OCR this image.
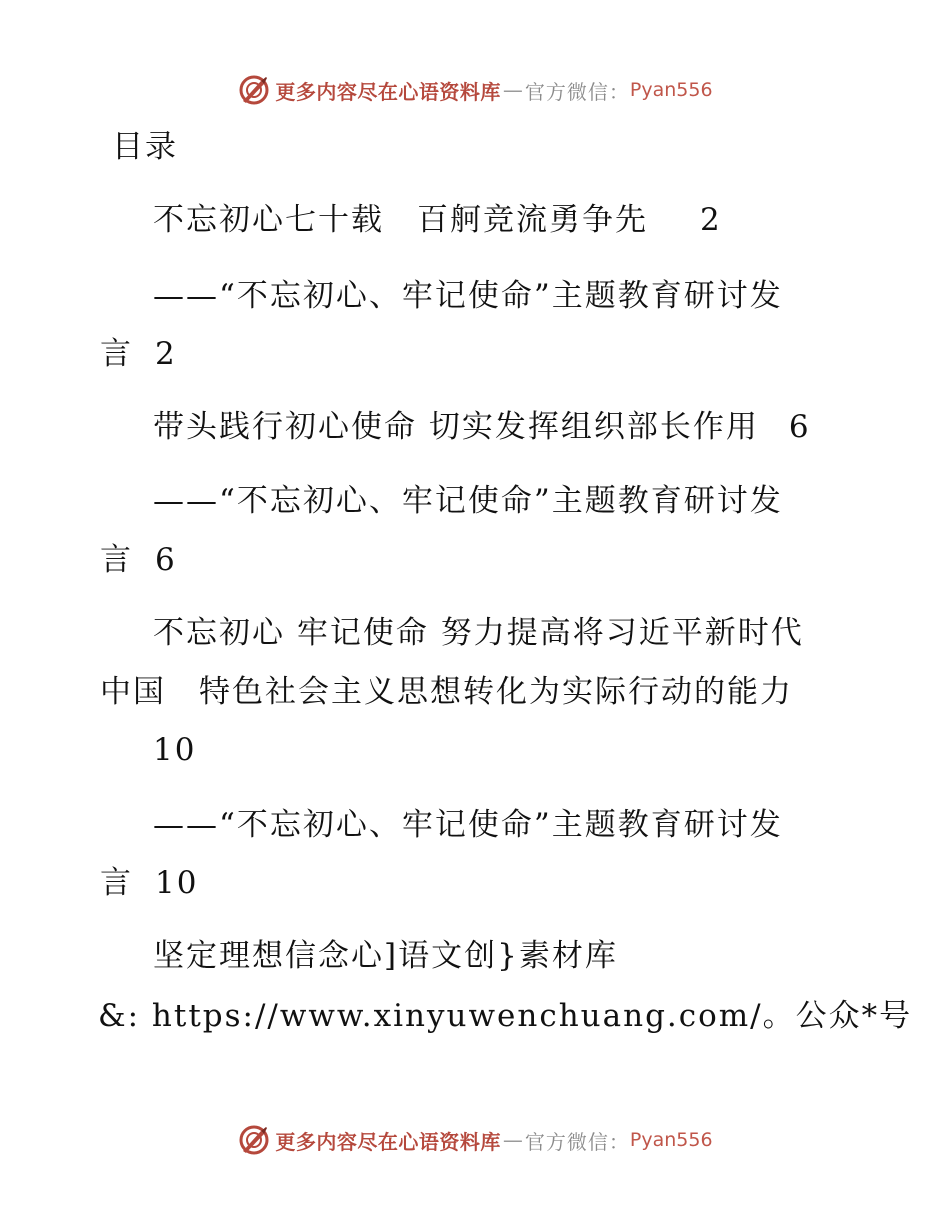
更多内容尽在心语资料库 — 官方微信： Pyan556
目录
不忘初心七十载　百舸竞流勇争先 2
——“不忘初心、牢记使命”主题教育研讨发
言 2
带头践行初心使命 切实发挥组织部长作用 6
——“不忘初心、牢记使命”主题教育研讨发
言 6
不忘初心 牢记使命 努力提高将习近平新时代
中国　特色社会主义思想转化为实际行动的能力
10
——“不忘初心、牢记使命”主题教育研讨发
言 10
坚定理想信念心]语文创}素材库
&: https://www.xinyuwenchuang.com/。公众*号
更多内容尽在心语资料库 — 官方微信： Pyan556
